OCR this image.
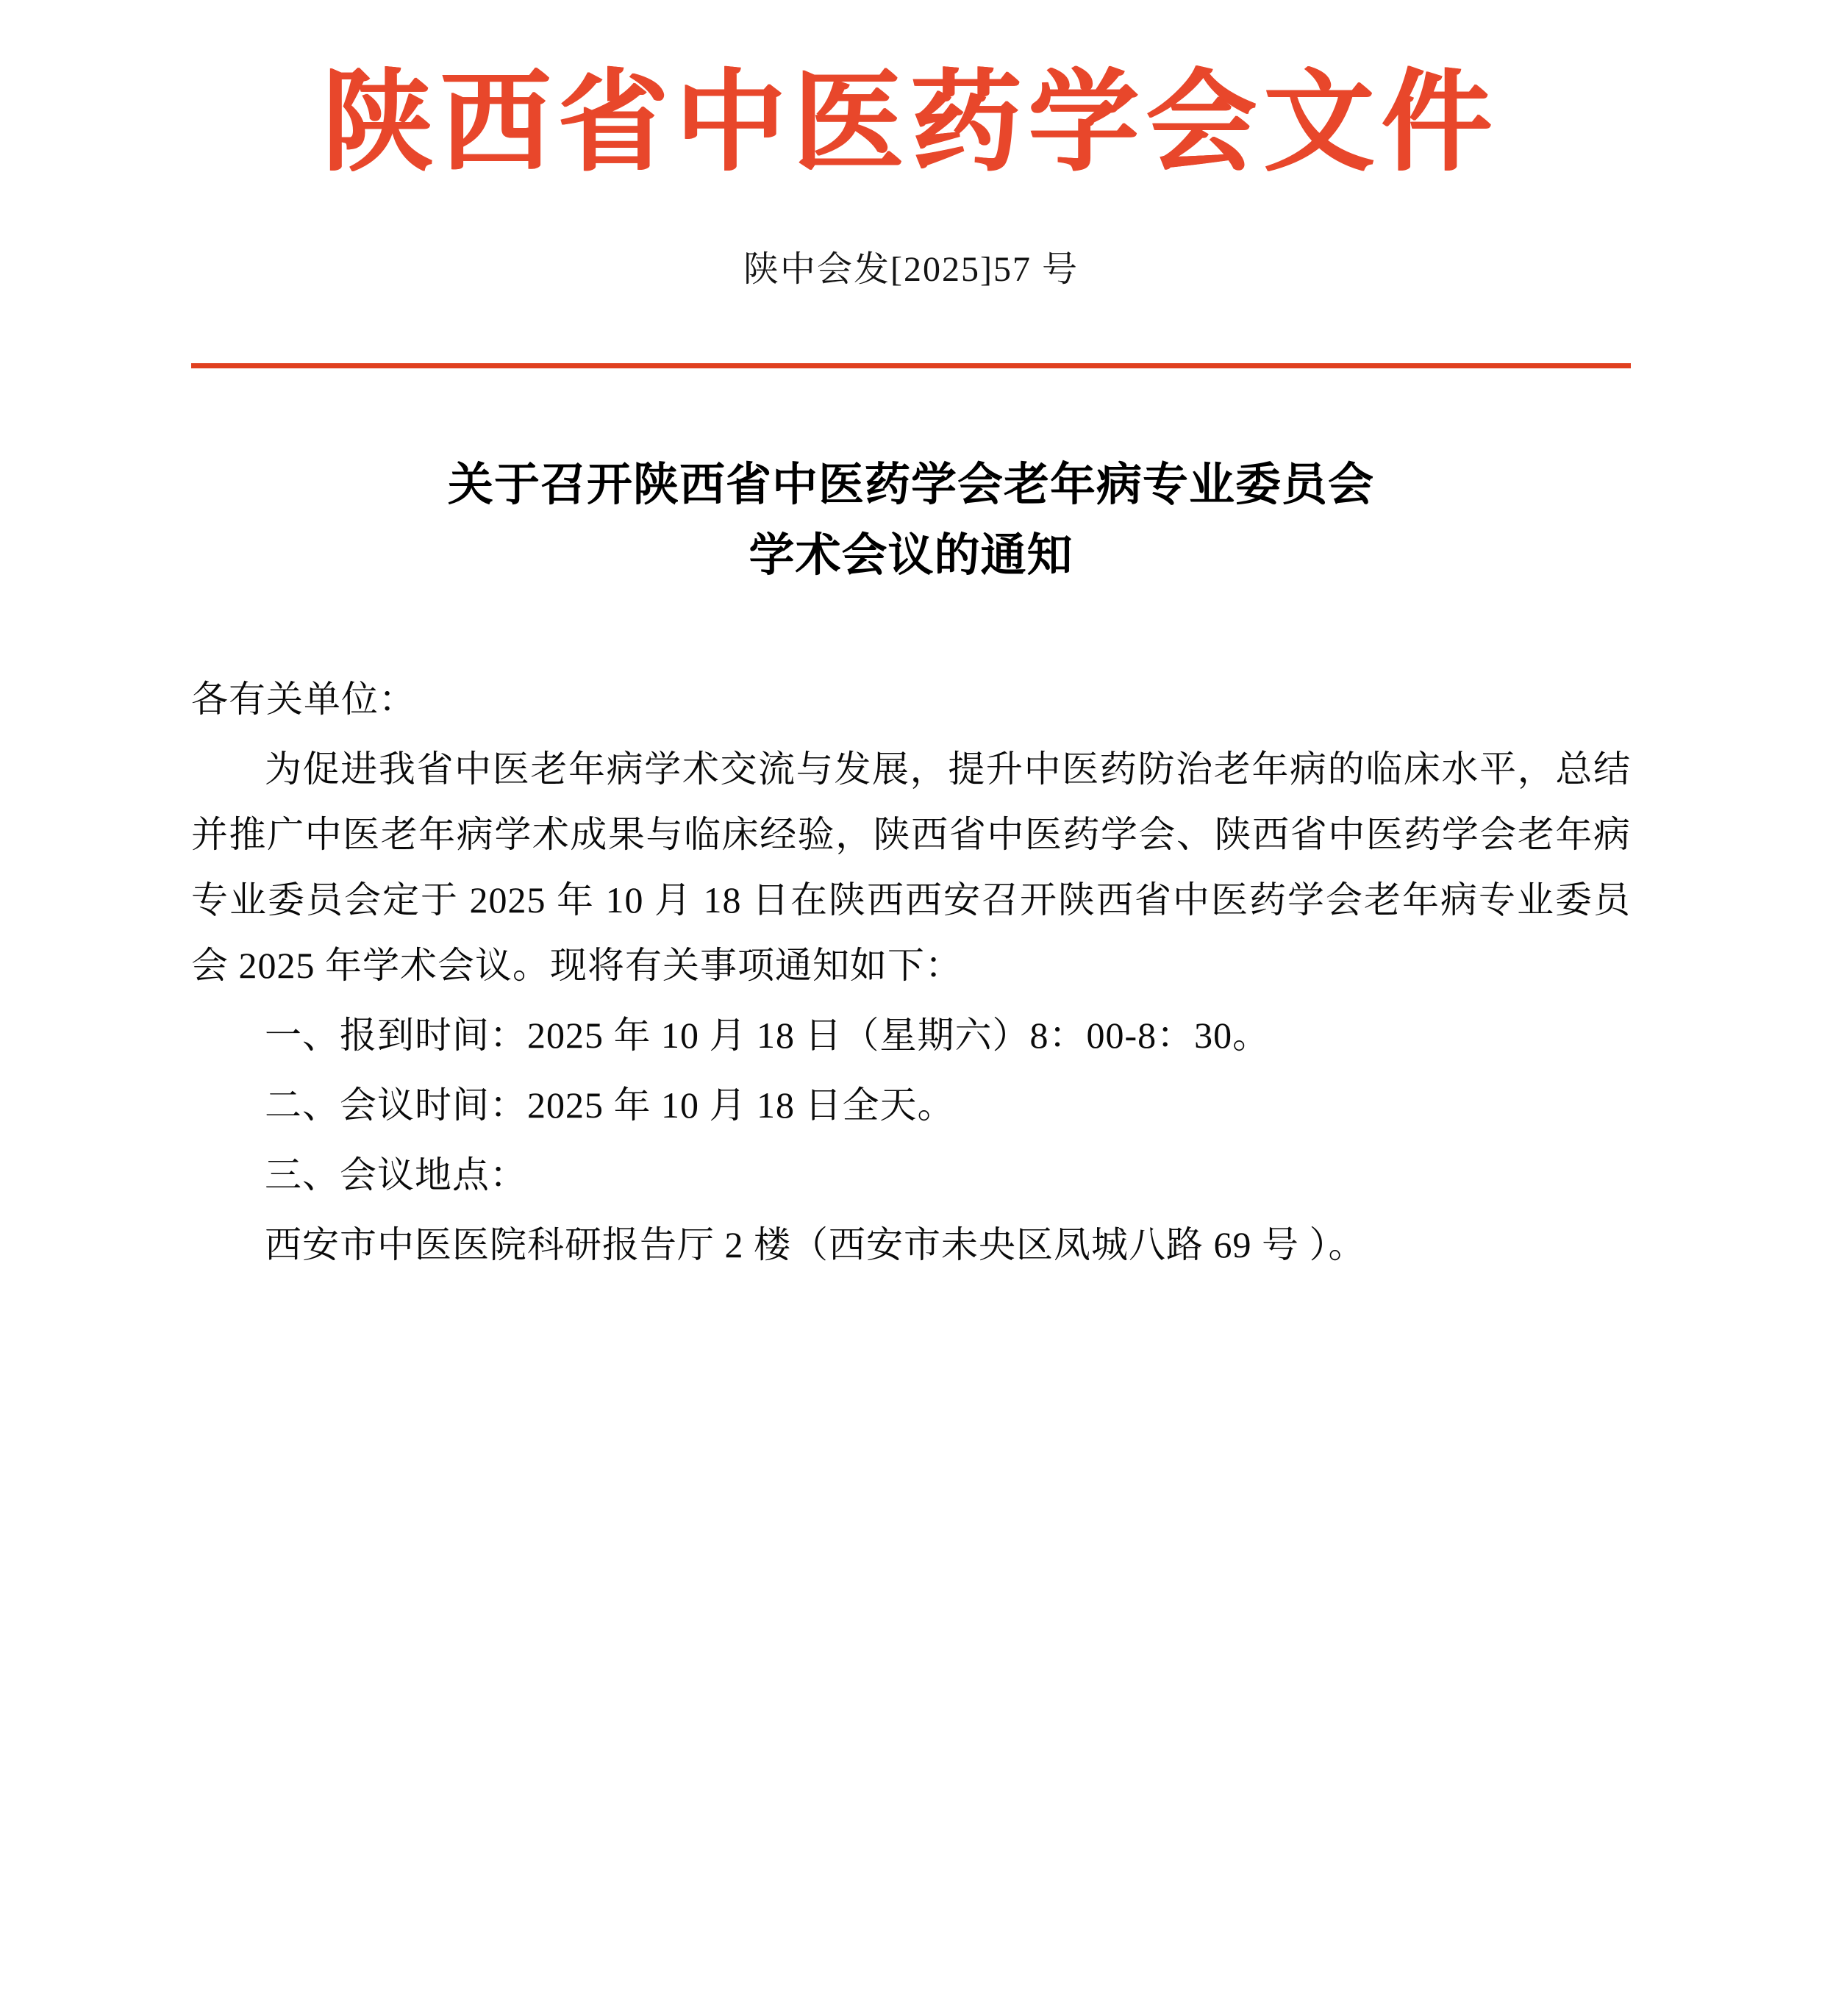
陕西省中医药学会文件
陕中会发[2025]57 号
关于召开陕西省中医药学会老年病专业委员会
学术会议的通知
各有关单位：
为促进我省中医老年病学术交流与发展，提升中医药防治老年病的临床水平，总结并推广中医老年病学术成果与临床经验，陕西省中医药学会、陕西省中医药学会老年病专业委员会定于 2025 年 10 月 18 日在陕西西安召开陕西省中医药学会老年病专业委员会 2025 年学术会议。现将有关事项通知如下：
一、报到时间：2025 年 10 月 18 日（星期六）8：00-8：30。
二、会议时间：2025 年 10 月 18 日全天。
三、会议地点：
西安市中医医院科研报告厅 2 楼（西安市未央区凤城八路 69 号 ）。
